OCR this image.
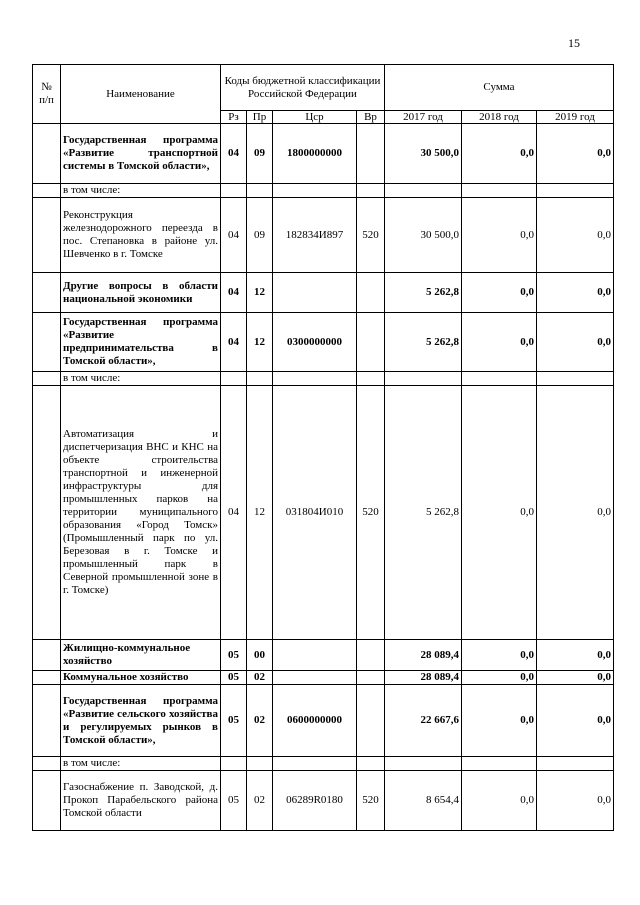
15
№
п/п	Наименование	Коды бюджетной классификации Российской Федерации				Сумма		
		Рз	Пр	Цср	Вр	2017 год	2018 год	2019 год
	Государственная программа «Развитие транспортной системы в Томской области»,	04	09	1800000000		30 500,0	0,0	0,0
	в том числе:							
	Реконструкция железнодорожного переезда в пос. Степановка в районе ул. Шевченко в г. Томске	04	09	182834И897	520	30 500,0	0,0	0,0
	Другие вопросы в области национальной экономики	04	12			5 262,8	0,0	0,0
	Государственная программа «Развитие предпринимательства в Томской области»,	04	12	0300000000		5 262,8	0,0	0,0
	в том числе:							
	Автоматизация и диспетчеризация ВНС и КНС на объекте строительства транспортной и инженерной инфраструктуры для промышленных парков на территории муниципального образования «Город Томск» (Промышленный парк по ул. Березовая в г. Томске и промышленный парк в Северной промышленной зоне в г. Томске)	04	12	031804И010	520	5 262,8	0,0	0,0
	Жилищно-коммунальное хозяйство	05	00			28 089,4	0,0	0,0
	Коммунальное хозяйство	05	02			28 089,4	0,0	0,0
	Государственная программа «Развитие сельского хозяйства и регулируемых рынков в Томской области»,	05	02	0600000000		22 667,6	0,0	0,0
	в том числе:							
	Газоснабжение п. Заводской, д. Прокоп Парабельского района Томской области	05	02	06289R0180	520	8 654,4	0,0	0,0
